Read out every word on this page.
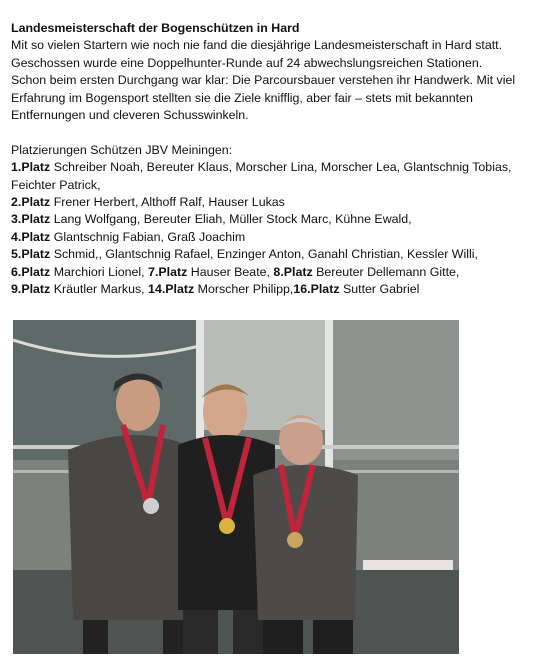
Landesmeisterschaft der Bogenschützen in Hard

Mit so vielen Startern wie noch nie fand die diesjährige Landesmeisterschaft in Hard statt.

Geschossen wurde eine Doppelhunter-Runde auf 24 abwechslungsreichen Stationen.

Schon beim ersten Durchgang war klar: Die Parcoursbauer verstehen ihr Handwerk. Mit viel

Erfahrung im Bogensport stellten sie die Ziele knifflig, aber fair – stets mit bekannten

Entfernungen und cleveren Schusswinkeln.

Platzierungen Schützen JBV Meiningen:

1.Platz Schreiber Noah, Bereuter Klaus, Morscher Lina, Morscher Lea, Glantschnig Tobias,

Feichter Patrick,

2.Platz Frener Herbert, Althoff Ralf, Hauser Lukas

3.Platz Lang Wolfgang, Bereuter Eliah, Müller Stock Marc, Kühne Ewald,

4.Platz Glantschnig Fabian, Graß Joachim

5.Platz Schmid,, Glantschnig Rafael, Enzinger Anton, Ganahl Christian, Kessler Willi,

6.Platz Marchiori Lionel, 7.Platz Hauser Beate, 8.Platz Bereuter Dellemann Gitte,

9.Platz Kräutler Markus, 14.Platz Morscher Philipp,16.Platz Sutter Gabriel
